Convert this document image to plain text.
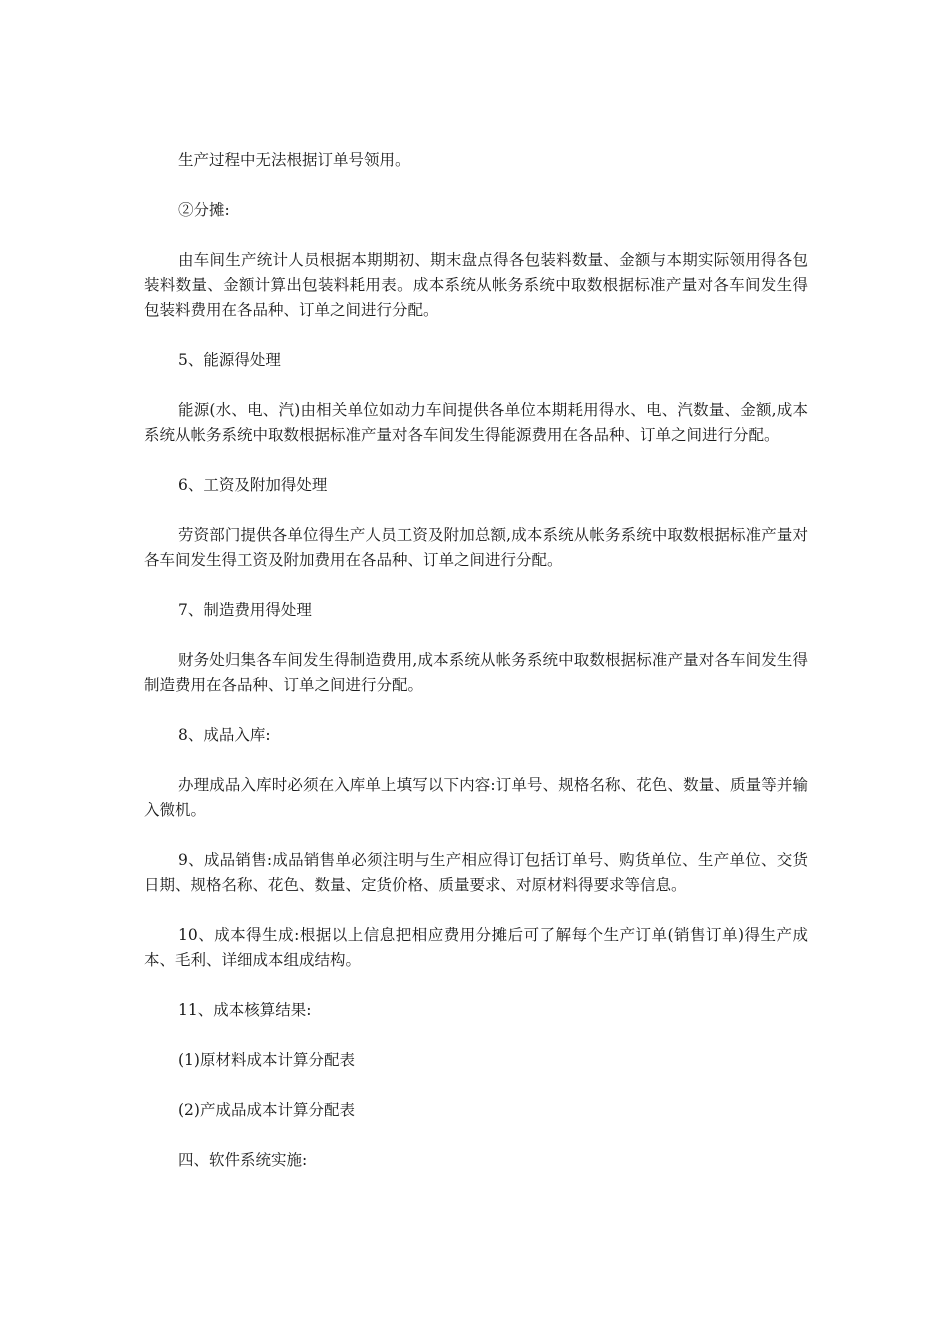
生产过程中无法根据订单号领用。

②分摊:

由车间生产统计人员根据本期期初、期末盘点得各包装料数量、金额与本期实际领用得各包装料数量、金额计算出包装料耗用表。成本系统从帐务系统中取数根据标准产量对各车间发生得包装料费用在各品种、订单之间进行分配。

5、能源得处理

能源(水、电、汽)由相关单位如动力车间提供各单位本期耗用得水、电、汽数量、金额,成本系统从帐务系统中取数根据标准产量对各车间发生得能源费用在各品种、订单之间进行分配。

6、工资及附加得处理

劳资部门提供各单位得生产人员工资及附加总额,成本系统从帐务系统中取数根据标准产量对各车间发生得工资及附加费用在各品种、订单之间进行分配。

7、制造费用得处理

财务处归集各车间发生得制造费用,成本系统从帐务系统中取数根据标准产量对各车间发生得制造费用在各品种、订单之间进行分配。

8、成品入库:

办理成品入库时必须在入库单上填写以下内容:订单号、规格名称、花色、数量、质量等并输入微机。

9、成品销售:成品销售单必须注明与生产相应得订包括订单号、购货单位、生产单位、交货日期、规格名称、花色、数量、定货价格、质量要求、对原材料得要求等信息。

10、成本得生成:根据以上信息把相应费用分摊后可了解每个生产订单(销售订单)得生产成本、毛利、详细成本组成结构。

11、成本核算结果:

(1)原材料成本计算分配表

(2)产成品成本计算分配表

四、软件系统实施:
